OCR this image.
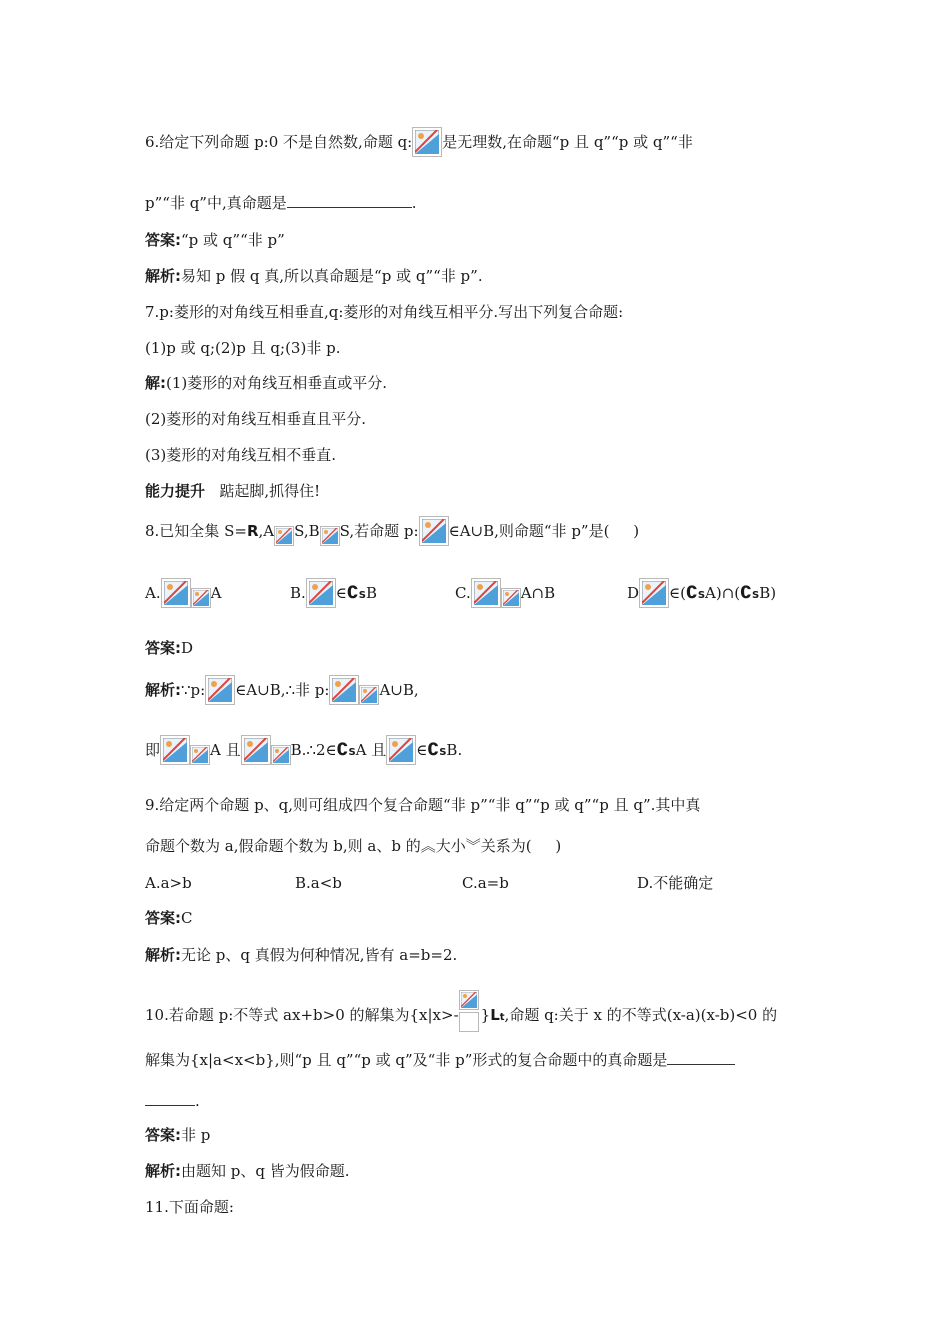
6.给定下列命题 p:0 不是自然数,命题 q: 是无理数,在命题“p 且 q”“p 或 q”“非
p”“非 q”中,真命题是	.
答案:“p 或 q”“非 p”
解析:易知 p 假 q 真,所以真命题是“p 或 q”“非 p”.
7.p:菱形的对角线互相垂直,q:菱形的对角线互相平分.写出下列复合命题:
(1)p 或 q;(2)p 且 q;(3)非 p.
解:(1)菱形的对角线互相垂直或平分.
(2)菱形的对角线互相垂直且平分.
(3)菱形的对角线互相不垂直.
能力提升 踮起脚,抓得住!
8.已知全集 S=R,A S,B S,若命题 p: ∈A∪B,则命题“非 p”是( )
A.	A	B. ∈∁SB	C.	A∩B	D ∈(∁SA)∩(∁SB)
答案:D
解析:∵p: ∈A∪B,∴非 p:	A∪B,
即	A 且	B.∴2∈∁SA 且 ∈∁SB.
9.给定两个命题 p、q,则可组成四个复合命题“非 p”“非 q”“p 或 q”“p 且 q”.其中真
命题个数为 a,假命题个数为 b,则 a、b 的︽大小︾关系为( )
A.a>b	B.a<b	C.a=b	D.不能确定
答案:C
解析:无论 p、q 真假为何种情况,皆有 a=b=2.
10.若命题 p:不等式 ax+b>0 的解集为{x|x>- }Lt,命题 q:关于 x 的不等式(x-a)(x-b)<0 的
解集为{x|a<x<b},则“p 且 q”“p 或 q”及“非 p”形式的复合命题中的真命题是
.
答案:非 p
解析:由题知 p、q 皆为假命题.
11.下面命题:
